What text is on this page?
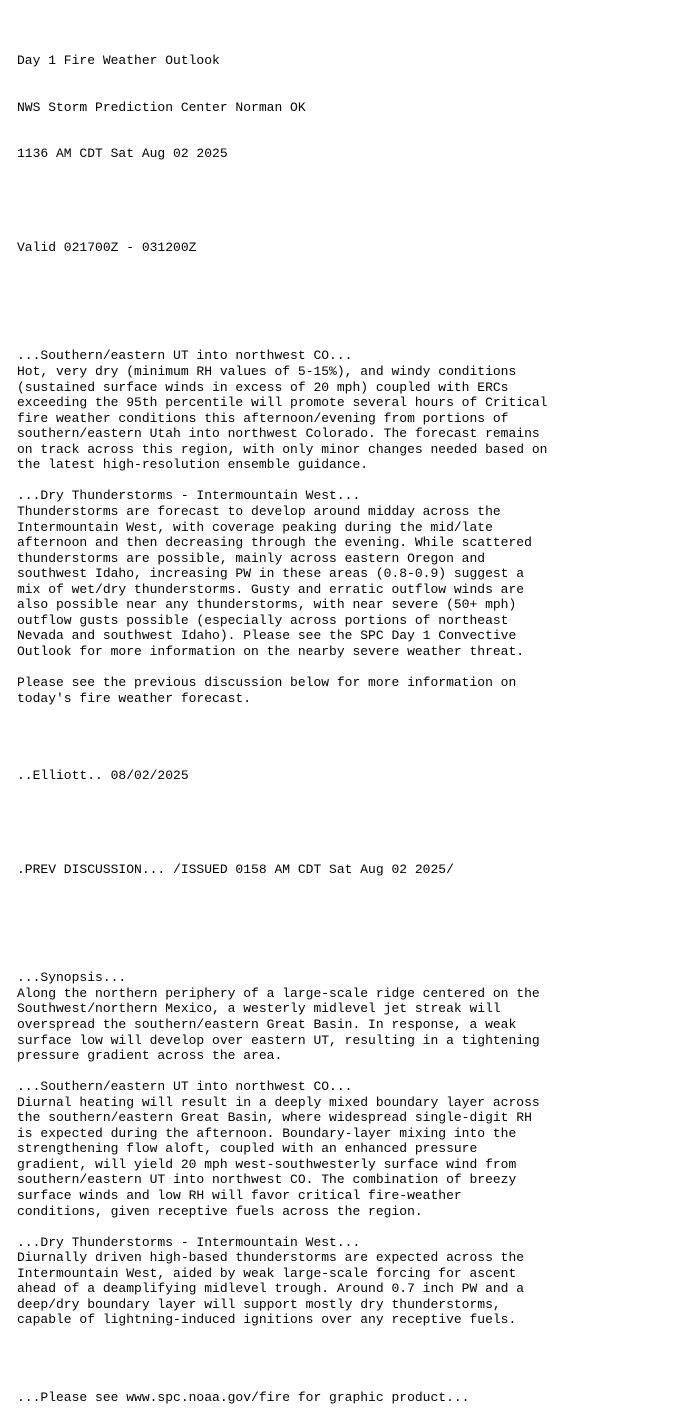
Day 1 Fire Weather Outlook

NWS Storm Prediction Center Norman OK

1136 AM CDT Sat Aug 02 2025

Valid 021700Z - 031200Z

...Southern/eastern UT into northwest CO...
Hot, very dry (minimum RH values of 5-15%), and windy conditions
(sustained surface winds in excess of 20 mph) coupled with ERCs
exceeding the 95th percentile will promote several hours of Critical
fire weather conditions this afternoon/evening from portions of
southern/eastern Utah into northwest Colorado. The forecast remains
on track across this region, with only minor changes needed based on
the latest high-resolution ensemble guidance.
...Dry Thunderstorms - Intermountain West...
Thunderstorms are forecast to develop around midday across the
Intermountain West, with coverage peaking during the mid/late
afternoon and then decreasing through the evening. While scattered
thunderstorms are possible, mainly across eastern Oregon and
southwest Idaho, increasing PW in these areas (0.8-0.9) suggest a
mix of wet/dry thunderstorms. Gusty and erratic outflow winds are
also possible near any thunderstorms, with near severe (50+ mph)
outflow gusts possible (especially across portions of northeast
Nevada and southwest Idaho). Please see the SPC Day 1 Convective
Outlook for more information on the nearby severe weather threat.
Please see the previous discussion below for more information on
today's fire weather forecast.

..Elliott.. 08/02/2025

.PREV DISCUSSION... /ISSUED 0158 AM CDT Sat Aug 02 2025/

...Synopsis...
Along the northern periphery of a large-scale ridge centered on the
Southwest/northern Mexico, a westerly midlevel jet streak will
overspread the southern/eastern Great Basin. In response, a weak
surface low will develop over eastern UT, resulting in a tightening
pressure gradient across the area.
...Southern/eastern UT into northwest CO...
Diurnal heating will result in a deeply mixed boundary layer across
the southern/eastern Great Basin, where widespread single-digit RH
is expected during the afternoon. Boundary-layer mixing into the
strengthening flow aloft, coupled with an enhanced pressure
gradient, will yield 20 mph west-southwesterly surface wind from
southern/eastern UT into northwest CO. The combination of breezy
surface winds and low RH will favor critical fire-weather
conditions, given receptive fuels across the region.
...Dry Thunderstorms - Intermountain West...
Diurnally driven high-based thunderstorms are expected across the
Intermountain West, aided by weak large-scale forcing for ascent
ahead of a deamplifying midlevel trough. Around 0.7 inch PW and a
deep/dry boundary layer will support mostly dry thunderstorms,
capable of lightning-induced ignitions over any receptive fuels.

...Please see www.spc.noaa.gov/fire for graphic product...
